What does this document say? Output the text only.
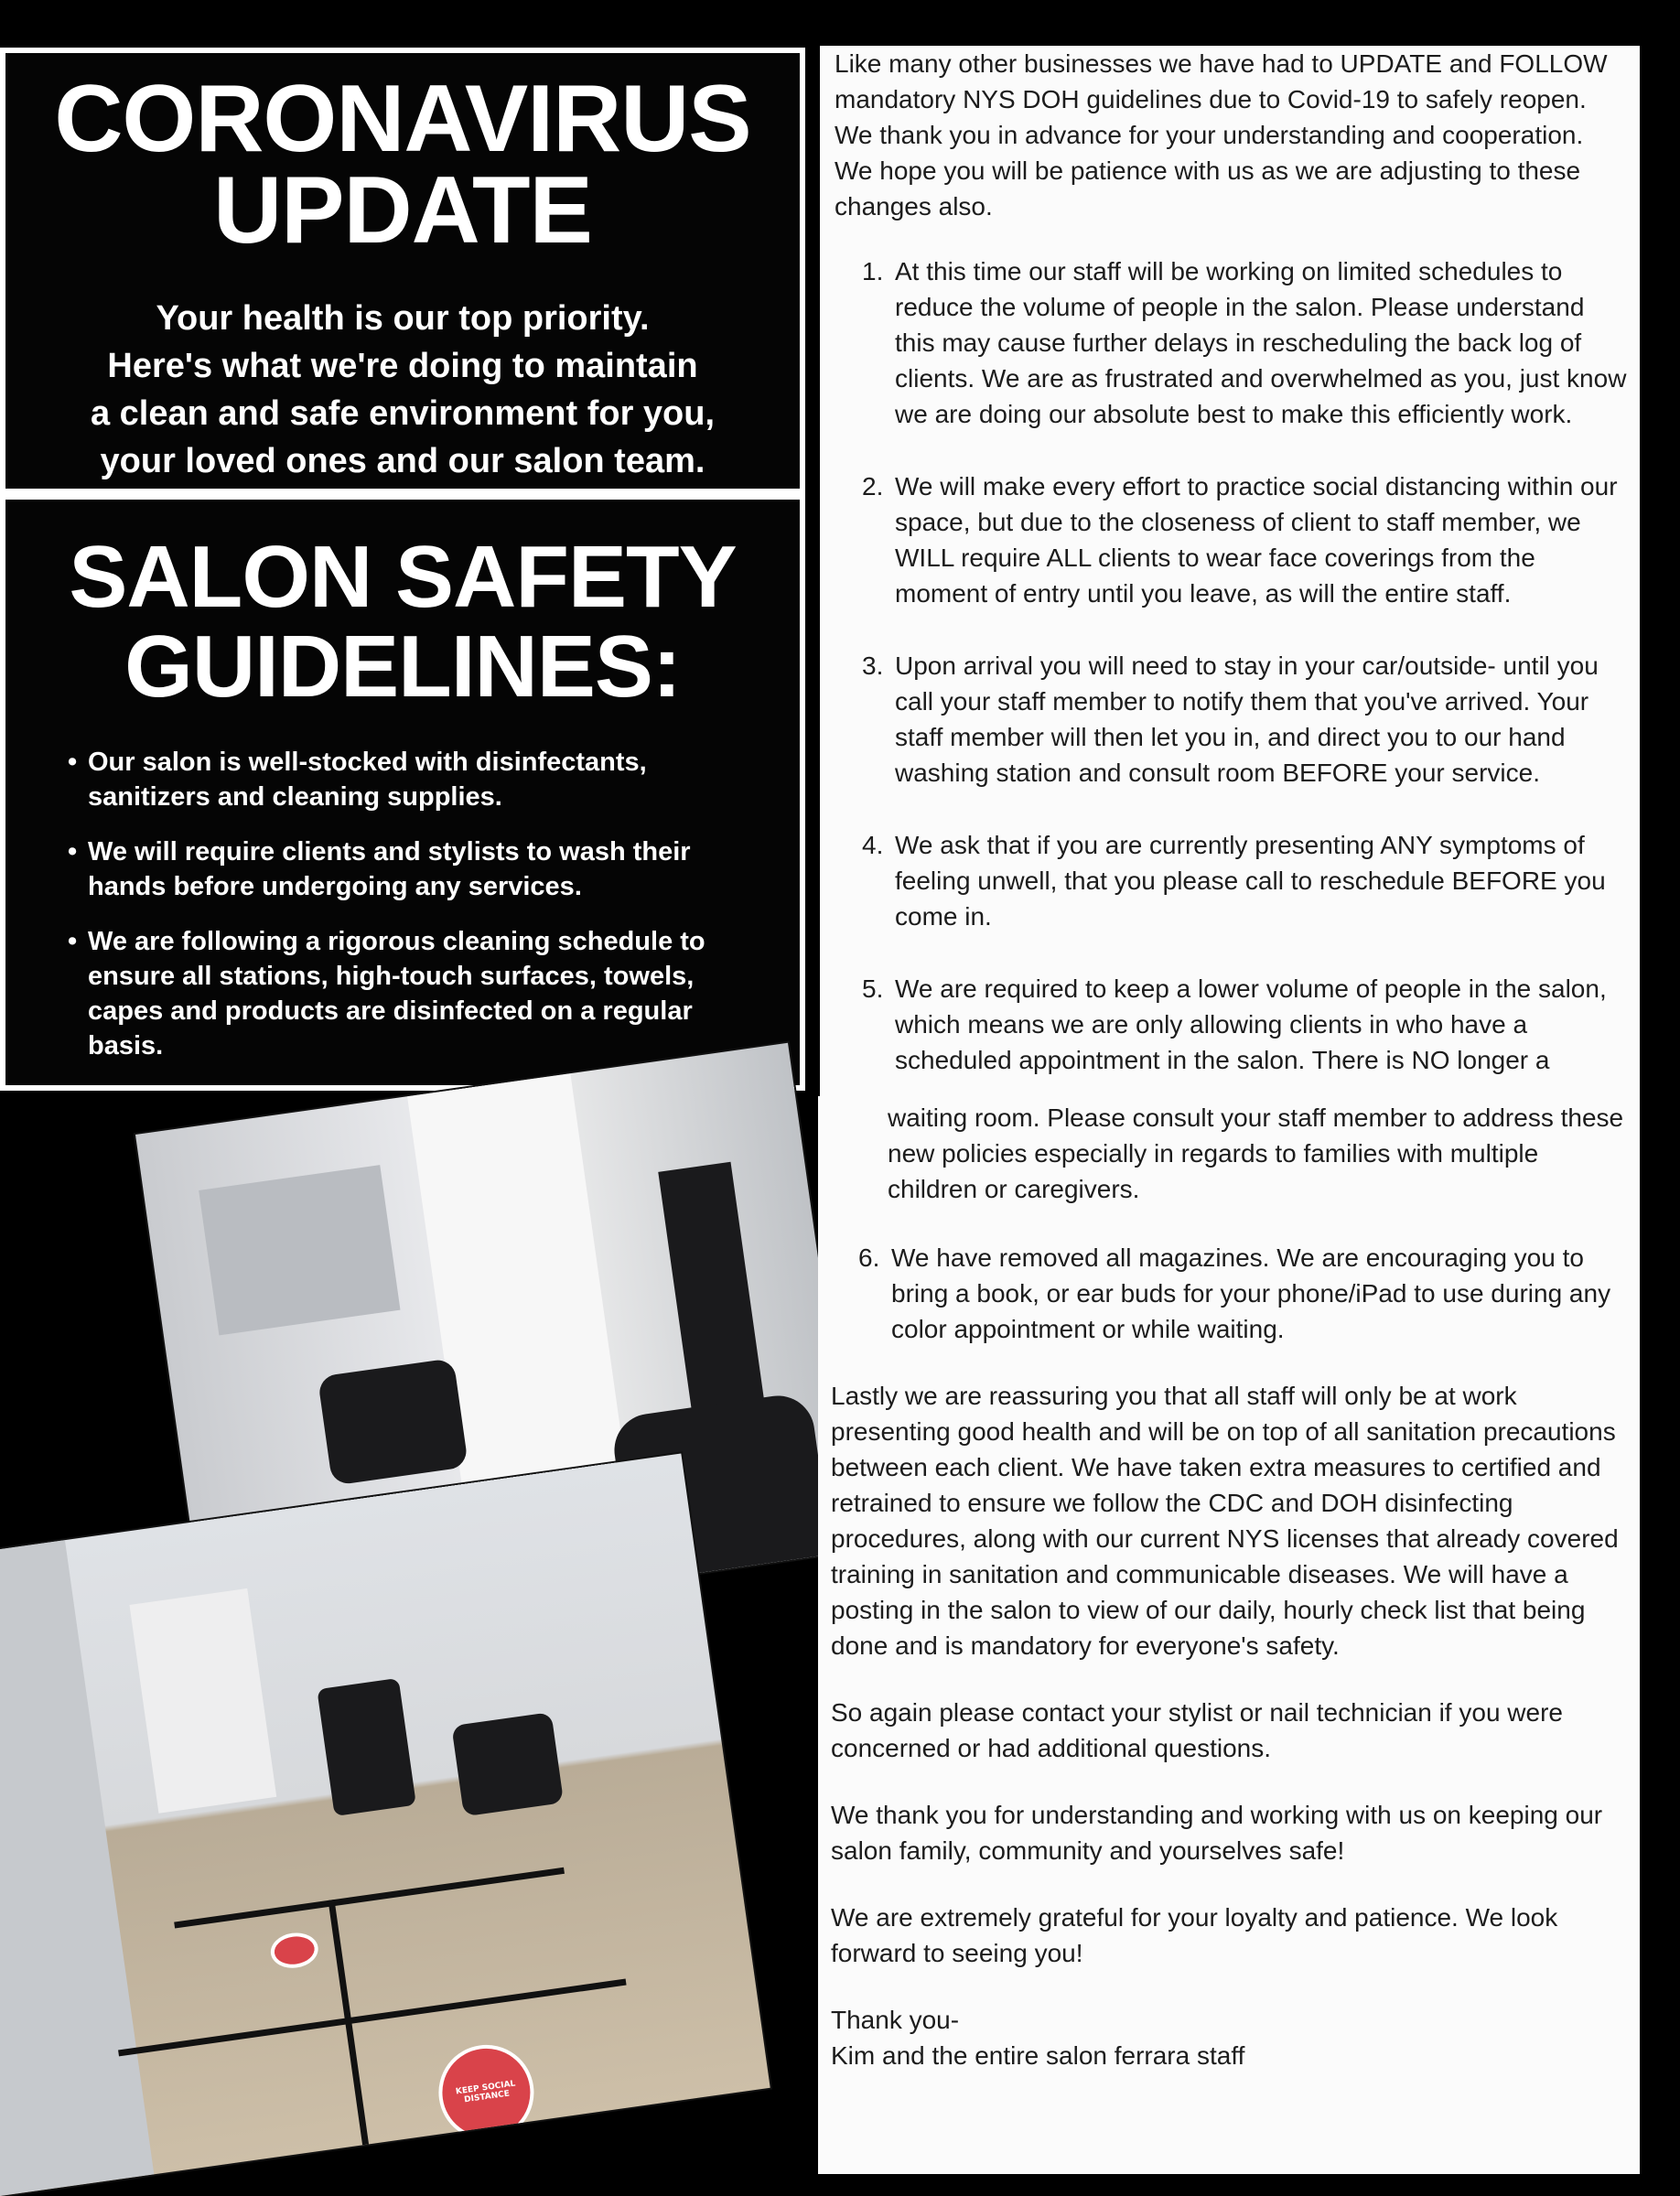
CORONAVIRUS
UPDATE
Your health is our top priority.
Here's what we're doing to maintain
a clean and safe environment for you,
your loved ones and our salon team.
SALON SAFETY
GUIDELINES:
• Our salon is well-stocked with disinfectants, sanitizers and cleaning supplies.
• We will require clients and stylists to wash their hands before undergoing any services.
• We are following a rigorous cleaning schedule to ensure all stations, high-touch surfaces, towels, capes and products are disinfected on a regular basis.
KEEP SOCIAL DISTANCE

Like many other businesses we have had to UPDATE and FOLLOW mandatory NYS DOH guidelines due to Covid-19 to safely reopen. We thank you in advance for your understanding and cooperation. We hope you will be patience with us as we are adjusting to these changes also.

1. At this time our staff will be working on limited schedules to reduce the volume of people in the salon. Please understand this may cause further delays in rescheduling the back log of clients. We are as frustrated and overwhelmed as you, just know we are doing our absolute best to make this efficiently work.
2. We will make every effort to practice social distancing within our space, but due to the closeness of client to staff member, we WILL require ALL clients to wear face coverings from the moment of entry until you leave, as will the entire staff.
3. Upon arrival you will need to stay in your car/outside- until you call your staff member to notify them that you've arrived. Your staff member will then let you in, and direct you to our hand washing station and consult room BEFORE your service.
4. We ask that if you are currently presenting ANY symptoms of feeling unwell, that you please call to reschedule BEFORE you come in.
5. We are required to keep a lower volume of people in the salon, which means we are only allowing clients in who have a scheduled appointment in the salon. There is NO longer a

waiting room. Please consult your staff member to address these new policies especially in regards to families with multiple children or caregivers.

6. We have removed all magazines. We are encouraging you to bring a book, or ear buds for your phone/iPad to use during any color appointment or while waiting.

Lastly we are reassuring you that all staff will only be at work presenting good health and will be on top of all sanitation precautions between each client. We have taken extra measures to certified and retrained to ensure we follow the CDC and DOH disinfecting procedures, along with our current NYS licenses that already covered training in sanitation and communicable diseases. We will have a posting in the salon to view of our daily, hourly check list that being done and is mandatory for everyone's safety.

So again please contact your stylist or nail technician if you were concerned or had additional questions.

We thank you for understanding and working with us on keeping our salon family, community and yourselves safe!

We are extremely grateful for your loyalty and patience. We look forward to seeing you!

Thank you-

Kim and the entire salon ferrara staff
